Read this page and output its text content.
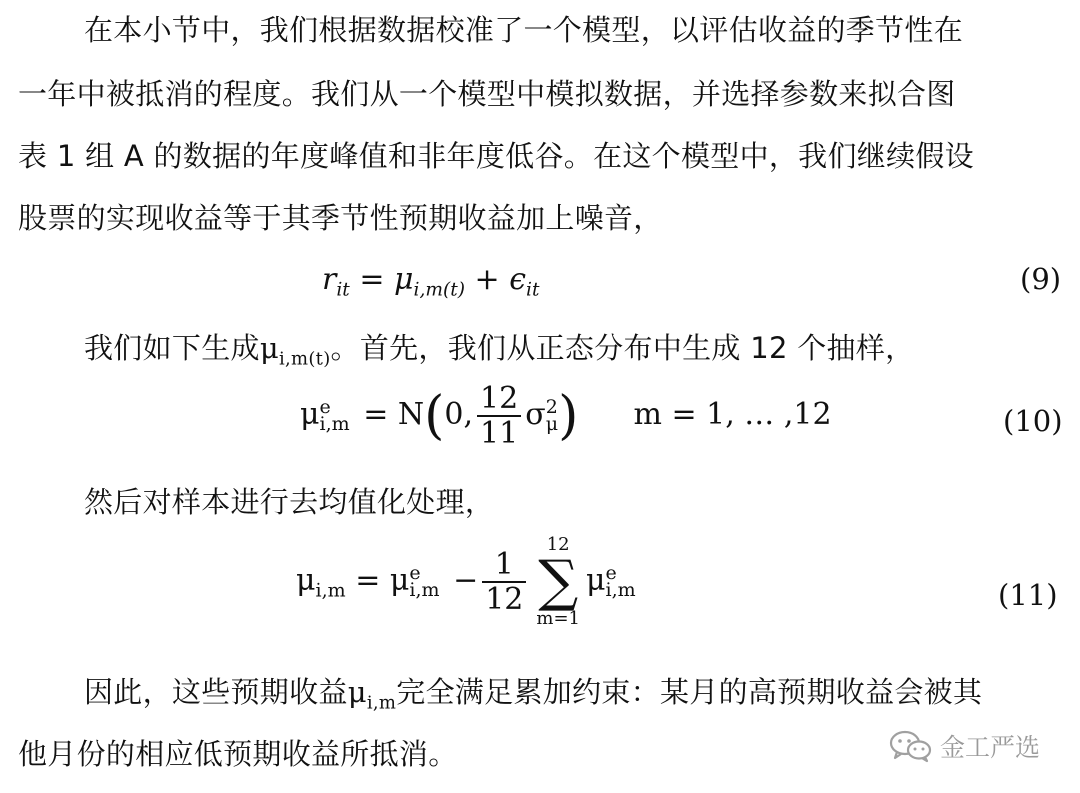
在本小节中，我们根据数据校准了一个模型，以评估收益的季节性在
一年中被抵消的程度。我们从一个模型中模拟数据，并选择参数来拟合图
表 1 组 A 的数据的年度峰值和非年度低谷。在这个模型中，我们继续假设
股票的实现收益等于其季节性预期收益加上噪音，
$r_{it} = \mu_{i,m(t)} + \epsilon_{it}$	(9)
我们如下生成$\mu_{i,m(t)}$。首先，我们从正态分布中生成 12 个抽样，
μ e
i,m = N(0, $\frac{12}{11}$ σ 2
μ ) m = 1, … ,12	(10)
然后对样本进行去均值化处理，
$\mu_{i,m} = \mu$ e
$i,m - \frac{1}{12}$
12
∑
m=1
μ e
i,m	(11)
因此，这些预期收益$\mu_{i,m}$完全满足累加约束：某月的高预期收益会被其
他月份的相应低预期收益所抵消。	金工严选
